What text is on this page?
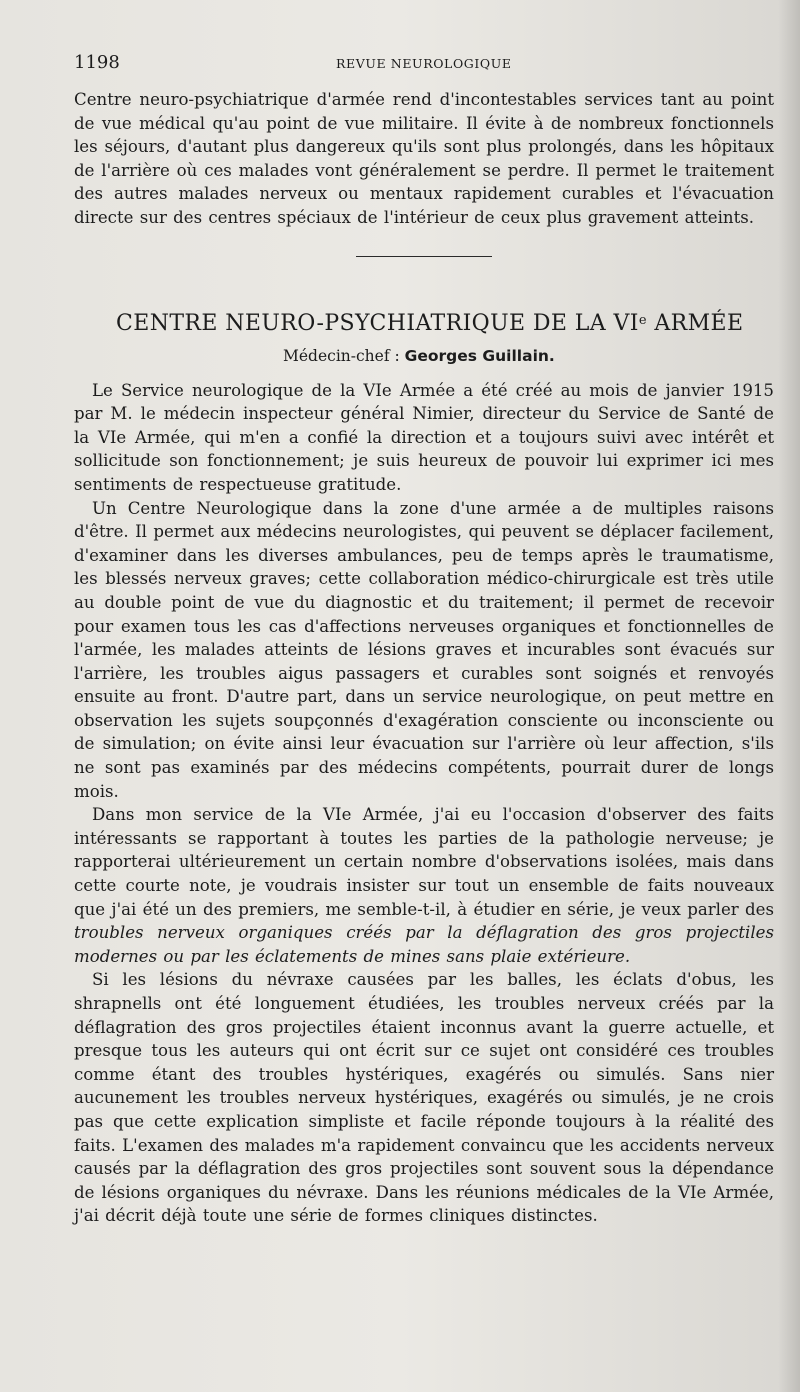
1198	REVUE NEUROLOGIQUE

Centre neuro-psychiatrique d'armée rend d'incontestables services tant au point de vue médical qu'au point de vue militaire. Il évite à de nombreux fonctionnels les séjours, d'autant plus dangereux qu'ils sont plus prolongés, dans les hôpitaux de l'arrière où ces malades vont généralement se perdre. Il permet le traitement des autres malades nerveux ou mentaux rapidement curables et l'évacuation directe sur des centres spéciaux de l'intérieur de ceux plus gravement atteints.

CENTRE NEURO-PSYCHIATRIQUE DE LA VIe ARMÉE
Médecin-chef : Georges Guillain.

Le Service neurologique de la VIe Armée a été créé au mois de janvier 1915 par M. le médecin inspecteur général Nimier, directeur du Service de Santé de la VIe Armée, qui m'en a confié la direction et a toujours suivi avec intérêt et sollicitude son fonctionnement; je suis heureux de pouvoir lui exprimer ici mes sentiments de respectueuse gratitude.

Un Centre Neurologique dans la zone d'une armée a de multiples raisons d'être. Il permet aux médecins neurologistes, qui peuvent se déplacer facilement, d'examiner dans les diverses ambulances, peu de temps après le traumatisme, les blessés nerveux graves; cette collaboration médico-chirurgicale est très utile au double point de vue du diagnostic et du traitement; il permet de recevoir pour examen tous les cas d'affections nerveuses organiques et fonctionnelles de l'armée, les malades atteints de lésions graves et incurables sont évacués sur l'arrière, les troubles aigus passagers et curables sont soignés et renvoyés ensuite au front. D'autre part, dans un service neurologique, on peut mettre en observation les sujets soupçonnés d'exagération consciente ou inconsciente ou de simulation; on évite ainsi leur évacuation sur l'arrière où leur affection, s'ils ne sont pas examinés par des médecins compétents, pourrait durer de longs mois.

Dans mon service de la VIe Armée, j'ai eu l'occasion d'observer des faits intéressants se rapportant à toutes les parties de la pathologie nerveuse; je rapporterai ultérieurement un certain nombre d'observations isolées, mais dans cette courte note, je voudrais insister sur tout un ensemble de faits nouveaux que j'ai été un des premiers, me semble-t-il, à étudier en série, je veux parler des troubles nerveux organiques créés par la déflagration des gros projectiles modernes ou par les éclatements de mines sans plaie extérieure.

Si les lésions du névraxe causées par les balles, les éclats d'obus, les shrapnells ont été longuement étudiées, les troubles nerveux créés par la déflagration des gros projectiles étaient inconnus avant la guerre actuelle, et presque tous les auteurs qui ont écrit sur ce sujet ont considéré ces troubles comme étant des troubles hystériques, exagérés ou simulés. Sans nier aucunement les troubles nerveux hystériques, exagérés ou simulés, je ne crois pas que cette explication simpliste et facile réponde toujours à la réalité des faits. L'examen des malades m'a rapidement convaincu que les accidents nerveux causés par la déflagration des gros projectiles sont souvent sous la dépendance de lésions organiques du névraxe. Dans les réunions médicales de la VIe Armée, j'ai décrit déjà toute une série de formes cliniques distinctes.
